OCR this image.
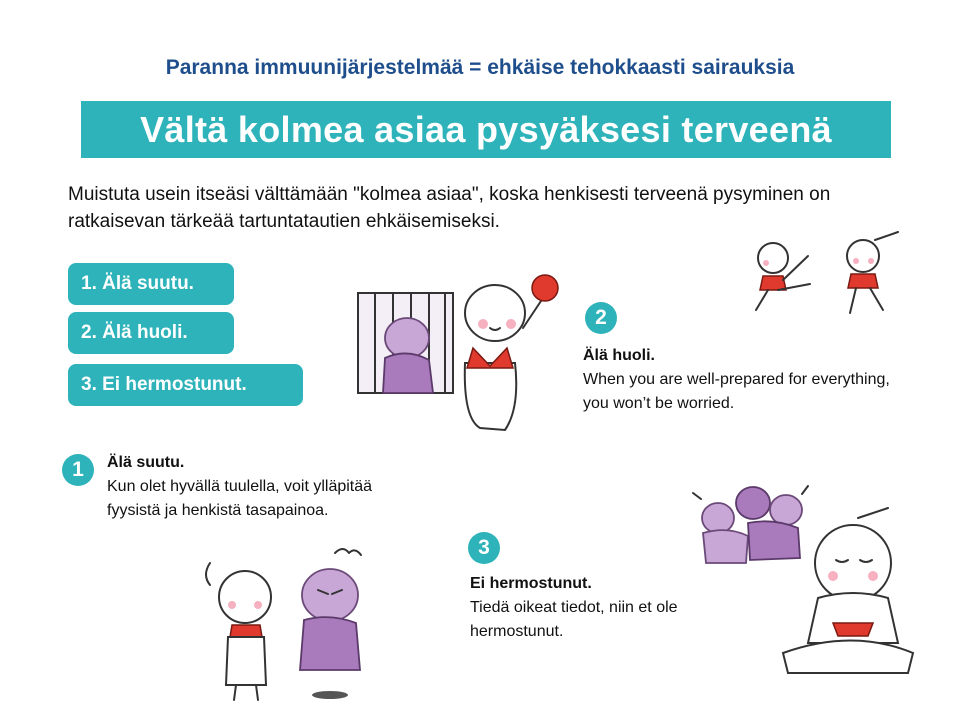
Paranna immuunijärjestelmää = ehkäise tehokkaasti sairauksia
Vältä kolmea asiaa pysyäksesi terveenä
Muistuta usein itseäsi välttämään "kolmea asiaa", koska henkisesti terveenä pysyminen on ratkaisevan tärkeää tartuntatautien ehkäisemiseksi.
1. Älä suutu.
2. Älä huoli.
3. Ei hermostunut.
2
Älä huoli.
When you are well-prepared for everything, you won’t be worried.
1 Älä suutu.
Kun olet hyvällä tuulella, voit ylläpitää fyysistä ja henkistä tasapainoa.
3
Ei hermostunut.
Tiedä oikeat tiedot, niin et ole hermostunut.
